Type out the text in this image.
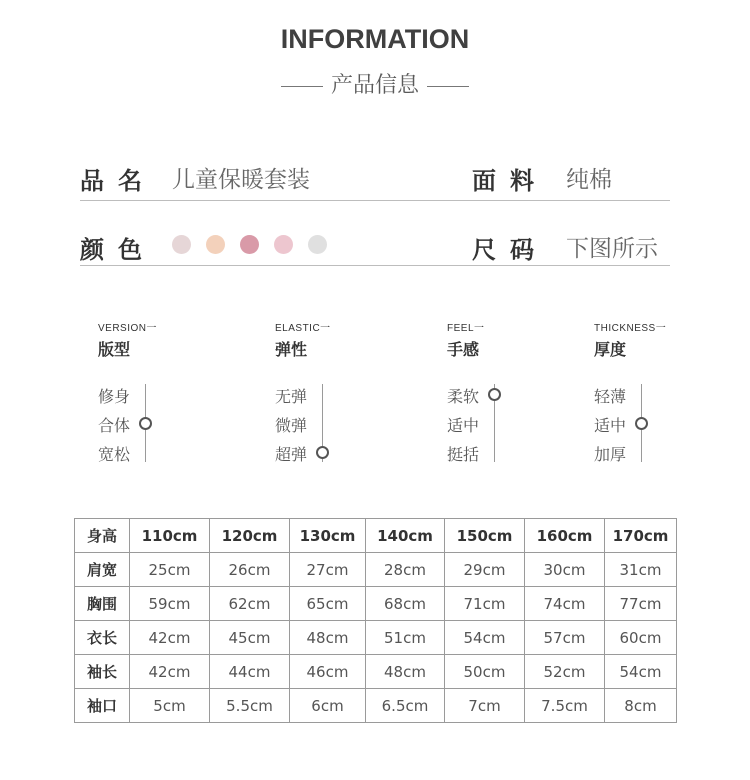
INFORMATION
产品信息
品名 儿童保暖套装	面料 纯棉
颜色	尺码 下图所示
VERSION一
版型
修身
合体
宽松
ELASTIC一
弹性
无弹
微弹
超弹
FEEL一
手感
柔软
适中
挺括
THICKNESS一
厚度
轻薄
适中
加厚
身高	110cm	120cm	130cm	140cm	150cm	160cm	170cm
肩宽	25cm	26cm	27cm	28cm	29cm	30cm	31cm
胸围	59cm	62cm	65cm	68cm	71cm	74cm	77cm
衣长	42cm	45cm	48cm	51cm	54cm	57cm	60cm
袖长	42cm	44cm	46cm	48cm	50cm	52cm	54cm
袖口	5cm	5.5cm	6cm	6.5cm	7cm	7.5cm	8cm
